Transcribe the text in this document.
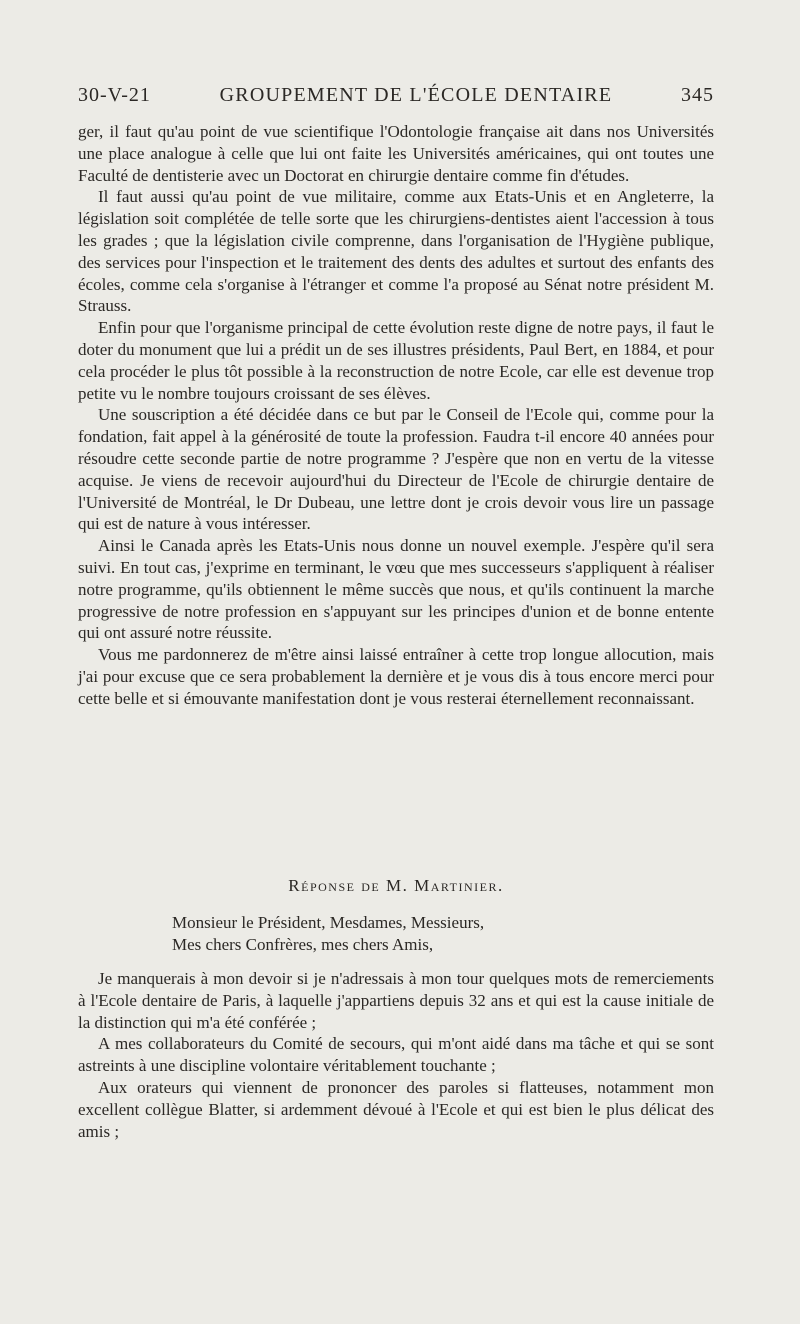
30-V-21	GROUPEMENT DE L'ÉCOLE DENTAIRE	345

ger, il faut qu'au point de vue scientifique l'Odontologie française ait dans nos Universités une place analogue à celle que lui ont faite les Universités américaines, qui ont toutes une Faculté de dentisterie avec un Doctorat en chirurgie dentaire comme fin d'études.

Il faut aussi qu'au point de vue militaire, comme aux Etats-Unis et en Angleterre, la législation soit complétée de telle sorte que les chirurgiens-dentistes aient l'accession à tous les grades ; que la législation civile comprenne, dans l'organisation de l'Hygiène publique, des services pour l'inspection et le traitement des dents des adultes et surtout des enfants des écoles, comme cela s'organise à l'étranger et comme l'a proposé au Sénat notre président M. Strauss.

Enfin pour que l'organisme principal de cette évolution reste digne de notre pays, il faut le doter du monument que lui a prédit un de ses illustres présidents, Paul Bert, en 1884, et pour cela procéder le plus tôt possible à la reconstruction de notre Ecole, car elle est devenue trop petite vu le nombre toujours croissant de ses élèves.

Une souscription a été décidée dans ce but par le Conseil de l'Ecole qui, comme pour la fondation, fait appel à la générosité de toute la profession. Faudra t-il encore 40 années pour résoudre cette seconde partie de notre programme ? J'espère que non en vertu de la vitesse acquise. Je viens de recevoir aujourd'hui du Directeur de l'Ecole de chirurgie dentaire de l'Université de Montréal, le Dr Dubeau, une lettre dont je crois devoir vous lire un passage qui est de nature à vous intéresser.

Ainsi le Canada après les Etats-Unis nous donne un nouvel exemple. J'espère qu'il sera suivi. En tout cas, j'exprime en terminant, le vœu que mes successeurs s'appliquent à réaliser notre programme, qu'ils obtiennent le même succès que nous, et qu'ils continuent la marche progressive de notre profession en s'appuyant sur les principes d'union et de bonne entente qui ont assuré notre réussite.

Vous me pardonnerez de m'être ainsi laissé entraîner à cette trop longue allocution, mais j'ai pour excuse que ce sera probablement la dernière et je vous dis à tous encore merci pour cette belle et si émouvante manifestation dont je vous resterai éternellement reconnaissant.

Réponse de M. Martinier.
Monsieur le Président, Mesdames, Messieurs,
Mes chers Confrères, mes chers Amis,

Je manquerais à mon devoir si je n'adressais à mon tour quelques mots de remerciements à l'Ecole dentaire de Paris, à laquelle j'appartiens depuis 32 ans et qui est la cause initiale de la distinction qui m'a été conférée ;

A mes collaborateurs du Comité de secours, qui m'ont aidé dans ma tâche et qui se sont astreints à une discipline volontaire véritablement touchante ;

Aux orateurs qui viennent de prononcer des paroles si flatteuses, notamment mon excellent collègue Blatter, si ardemment dévoué à l'Ecole et qui est bien le plus délicat des amis ;
